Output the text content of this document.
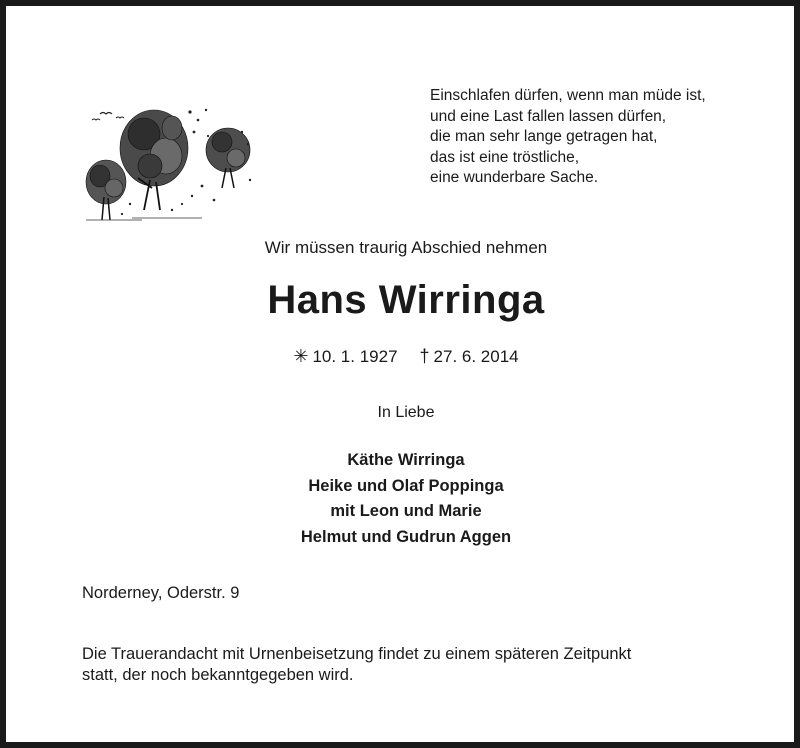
Einschlafen dürfen, wenn man müde ist,
und eine Last fallen lassen dürfen,
die man sehr lange getragen hat,
das ist eine tröstliche,
eine wunderbare Sache.
Wir müssen traurig Abschied nehmen
Hans Wirringa
✳ 10. 1. 1927 † 27. 6. 2014
In Liebe
Käthe Wirringa
Heike und Olaf Poppinga
mit Leon und Marie
Helmut und Gudrun Aggen
Norderney, Oderstr. 9
Die Trauerandacht mit Urnenbeisetzung findet zu einem späteren Zeitpunkt
statt, der noch bekanntgegeben wird.
